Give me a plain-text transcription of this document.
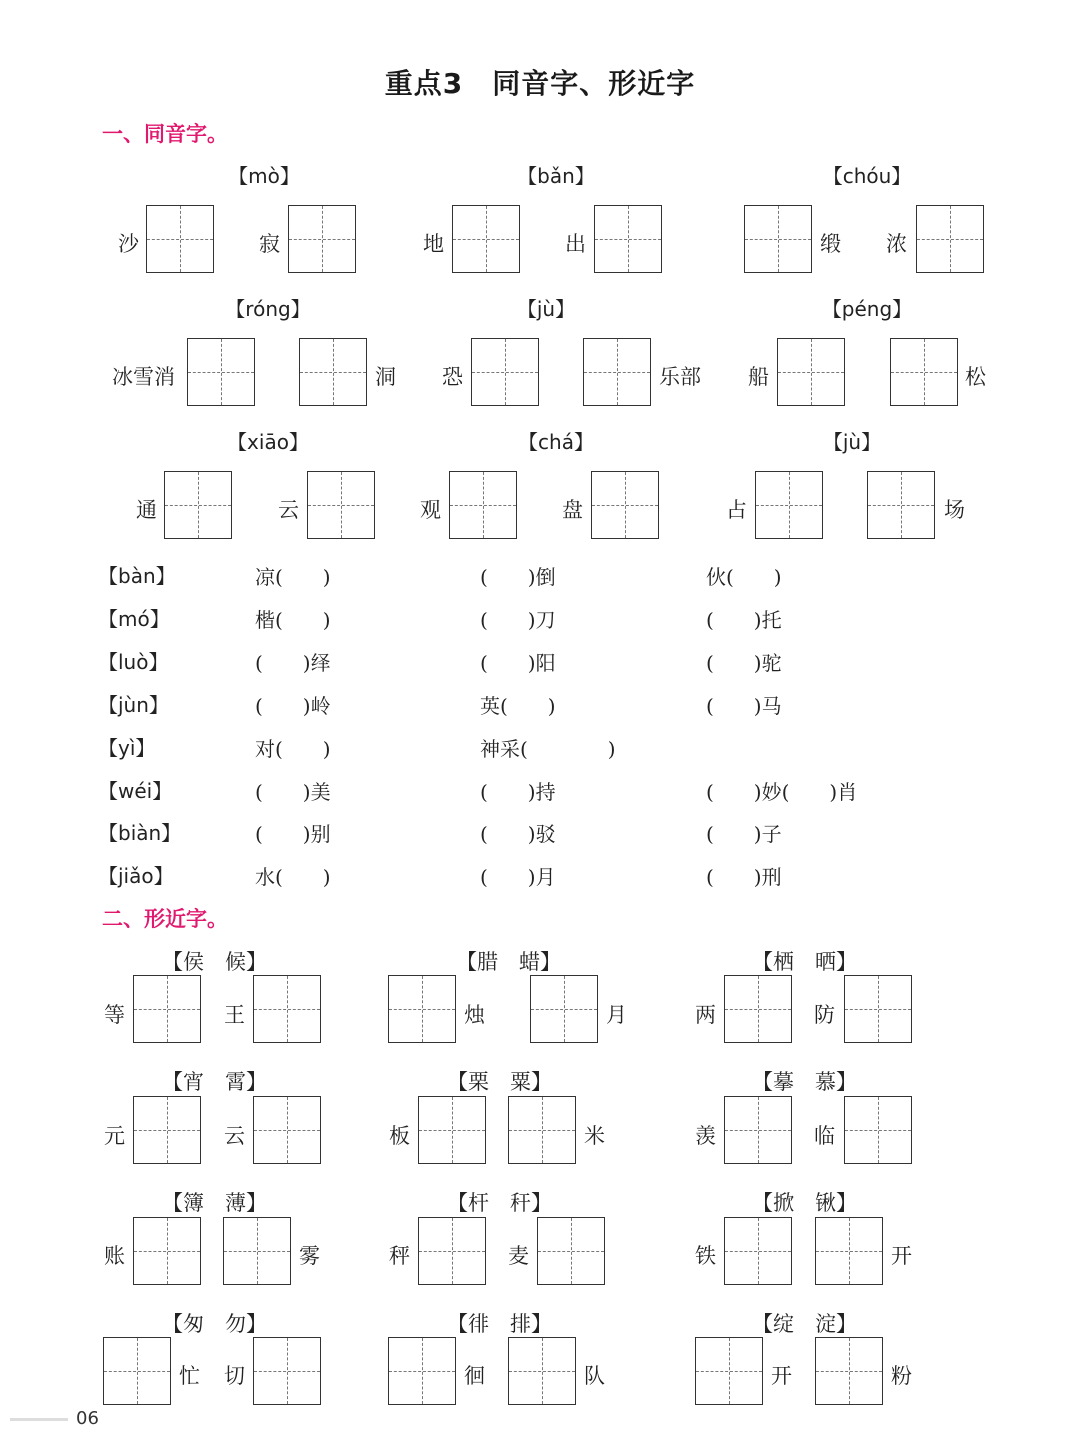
重点3　同音字、形近字
一、同音字。
【mò】
沙	寂
【bǎn】
地	出
【chóu】
缎 浓
【róng】
冰雪消	洞
【jù】
恐	乐部
【péng】
船	松
【xiāo】
通	云
【chá】
观	盘
【jù】
占	场
【bàn】	凉(　　)	(　　)倒	伙(　　)
【mó】	楷(　　)	(　　)刀	(　　)托
【luò】	(　　)绎	(　　)阳	(　　)驼
【jùn】	(　　)岭	英(　　)	(　　)马
【yì】	对(　　)	神采(　　　　)
【wéi】	(　　)美	(　　)持	(　　)妙(　　)肖
【biàn】	(　　)别	(　　)驳	(　　)子
【jiǎo】	水(　　)	(　　)月	(　　)刑
二、形近字。
【侯　候】
等	王
【腊　蜡】
烛	月
【栖　晒】
两	防
【宵　霄】
元	云
【栗　粟】
板	米
【摹　慕】
羡	临
【簿　薄】
账	雾
【杆　秆】
秤	麦
【掀　锹】
铁	开
【匆　勿】
忙 切
【徘　排】
徊	队
【绽　淀】
开	粉
06
